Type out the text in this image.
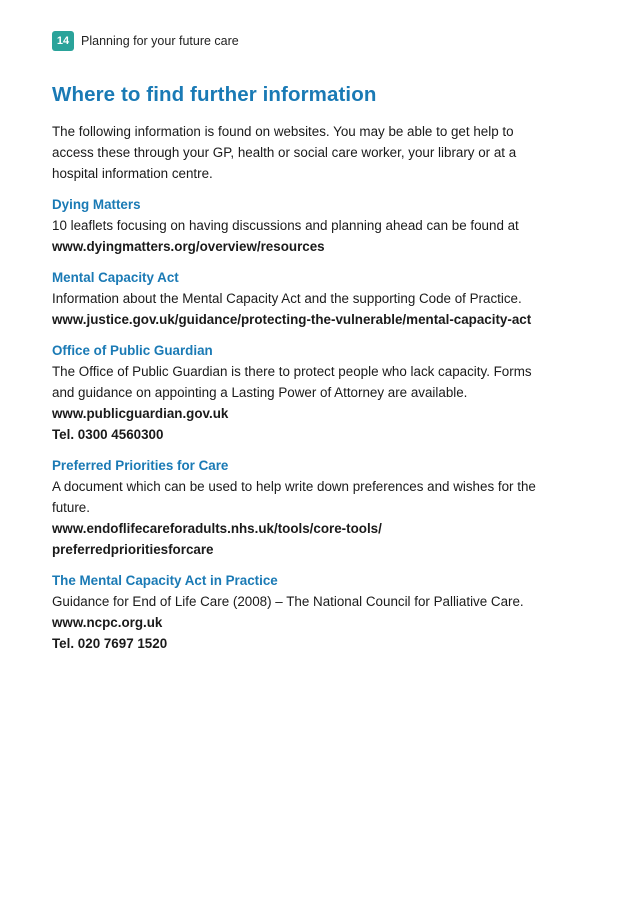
14 Planning for your future care
Where to find further information

The following information is found on websites. You may be able to get help to access these through your GP, health or social care worker, your library or at a hospital information centre.

Dying Matters

10 leaflets focusing on having discussions and planning ahead can be found at www.dyingmatters.org/overview/resources

Mental Capacity Act

Information about the Mental Capacity Act and the supporting Code of Practice.

www.justice.gov.uk/guidance/protecting-the-vulnerable/mental-capacity-act
Office of Public Guardian

The Office of Public Guardian is there to protect people who lack capacity. Forms and guidance on appointing a Lasting Power of Attorney are available.

www.publicguardian.gov.uk
Tel. 0300 4560300
Preferred Priorities for Care

A document which can be used to help write down preferences and wishes for the future.

www.endoflifecareforadults.nhs.uk/tools/core-tools/ preferredprioritiesforcare
The Mental Capacity Act in Practice

Guidance for End of Life Care (2008) – The National Council for Palliative Care.

www.ncpc.org.uk
Tel. 020 7697 1520
